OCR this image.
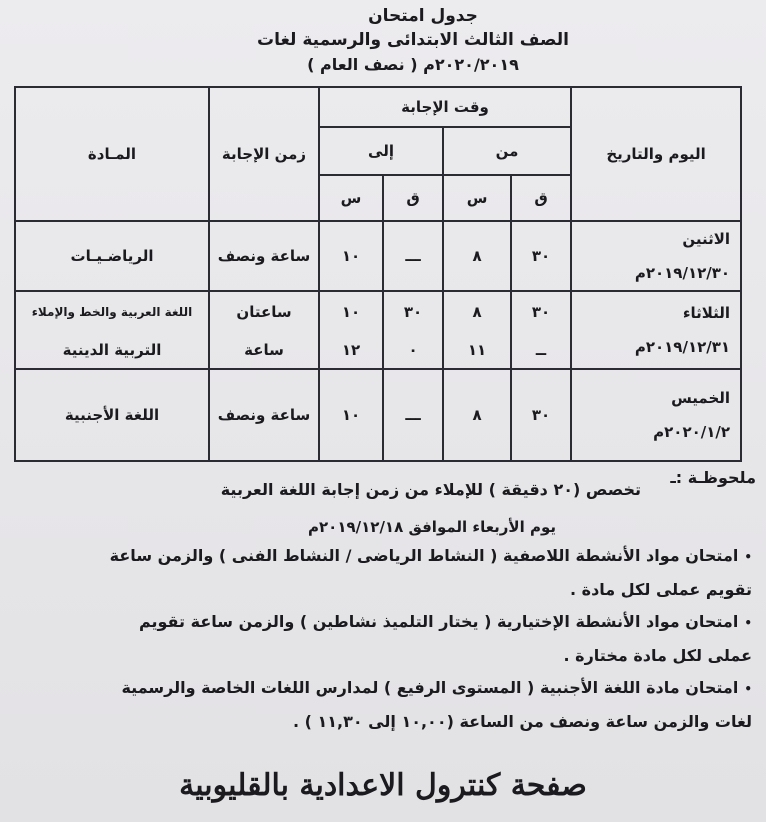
جدول امتحان
الصف الثالث الابتدائى والرسمية لغات
( نصف العام ) ٢٠٢٠/٢٠١٩م
اليوم والتاريخ	وقت الإجابة				زمن الإجابة	المـادة
	من		إلى			
	ق	س	ق	س		

الاثنين
٢٠١٩/١٢/٣٠م	٣٠	٨	ـــ	١٠	ساعة ونصف	الرياضـيـات

الثلاثاء
٢٠١٩/١٢/٣١م	٣٠	٨	٣٠	١٠	ساعتان	اللغة العربية والخط والإملاء
	ــ	١١	٠	١٢	ساعة	التربية الدينية

الخميس
٢٠٢٠/١/٢م	٣٠	٨	ـــ	١٠	ساعة ونصف	اللغة الأجنبية
ملحوظـة :ـ
تخصص (٢٠ دقيقة ) للإملاء من زمن إجابة اللغة العربية
يوم الأربعاء الموافق ٢٠١٩/١٢/١٨م
•امتحان مواد الأنشطة اللاصفية ( النشاط الرياضى / النشاط الفنى ) والزمن ساعة
تقويم عملى لكل مادة .
•امتحان مواد الأنشطة الإختيارية ( يختار التلميذ نشاطين ) والزمن ساعة تقويم
عملى لكل مادة مختارة .
•امتحان مادة اللغة الأجنبية ( المستوى الرفيع ) لمدارس اللغات الخاصة والرسمية
لغات والزمن ساعة ونصف من الساعة (١٠,٠٠ إلى ١١,٣٠ ) .
صفحة كنترول الاعدادية بالقليوبية
